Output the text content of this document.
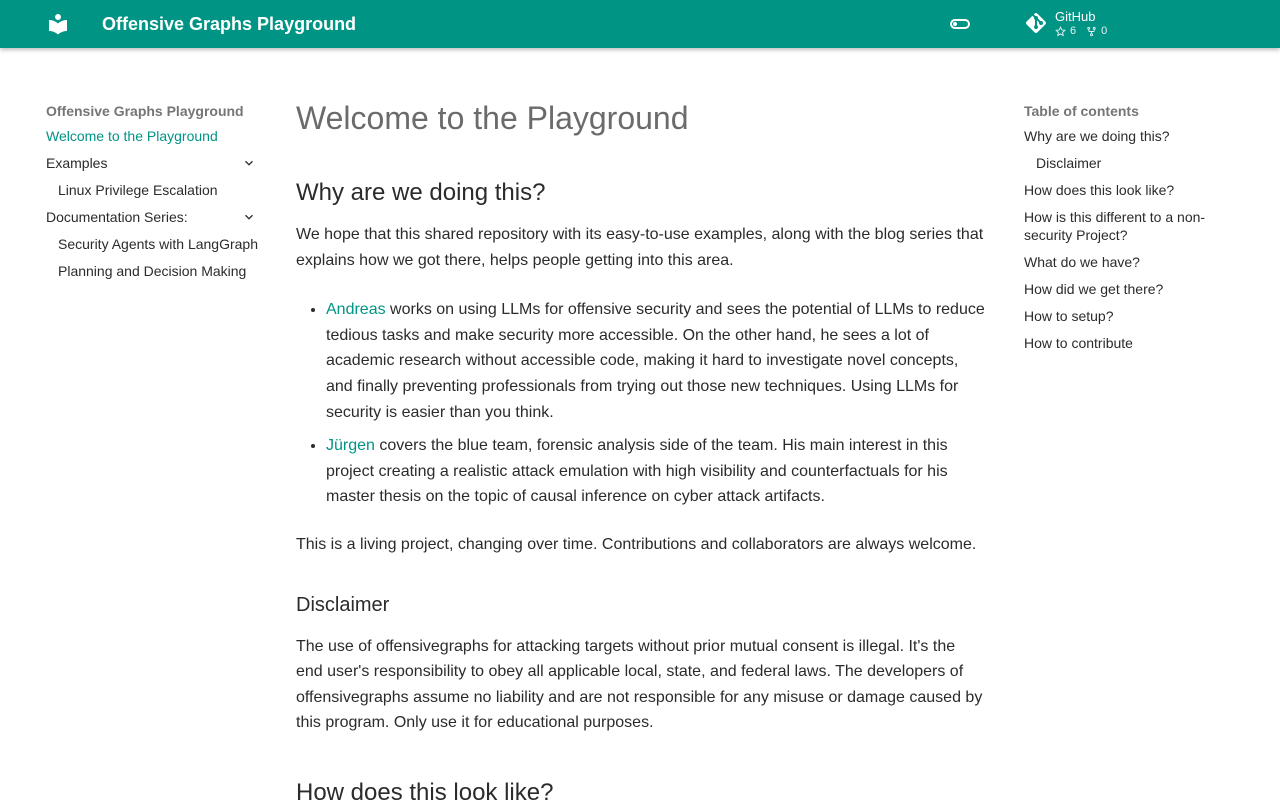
Offensive Graphs Playground	GitHub
6 0
Offensive Graphs Playground
Welcome to the Playground
Examples
Linux Privilege Escalation
Documentation Series:
Security Agents with LangGraph
Planning and Decision Making
Welcome to the Playground
Why are we doing this?

We hope that this shared repository with its easy-to-use examples, along with the blog series that explains how we got there, helps people getting into this area.

• Andreas works on using LLMs for offensive security and sees the potential of LLMs to reduce tedious tasks and make security more accessible. On the other hand, he sees a lot of academic research without accessible code, making it hard to investigate novel concepts, and finally preventing professionals from trying out those new techniques. Using LLMs for security is easier than you think.
• Jürgen covers the blue team, forensic analysis side of the team. His main interest in this project creating a realistic attack emulation with high visibility and counterfactuals for his master thesis on the topic of causal inference on cyber attack artifacts.

This is a living project, changing over time. Contributions and collaborators are always welcome.

Disclaimer

The use of offensivegraphs for attacking targets without prior mutual consent is illegal. It's the end user's responsibility to obey all applicable local, state, and federal laws. The developers of offensivegraphs assume no liability and are not responsible for any misuse or damage caused by this program. Only use it for educational purposes.

How does this look like?
Table of contents
Why are we doing this?
Disclaimer
How does this look like?
How is this different to a non-security Project?
What do we have?
How did we get there?
How to setup?
How to contribute
